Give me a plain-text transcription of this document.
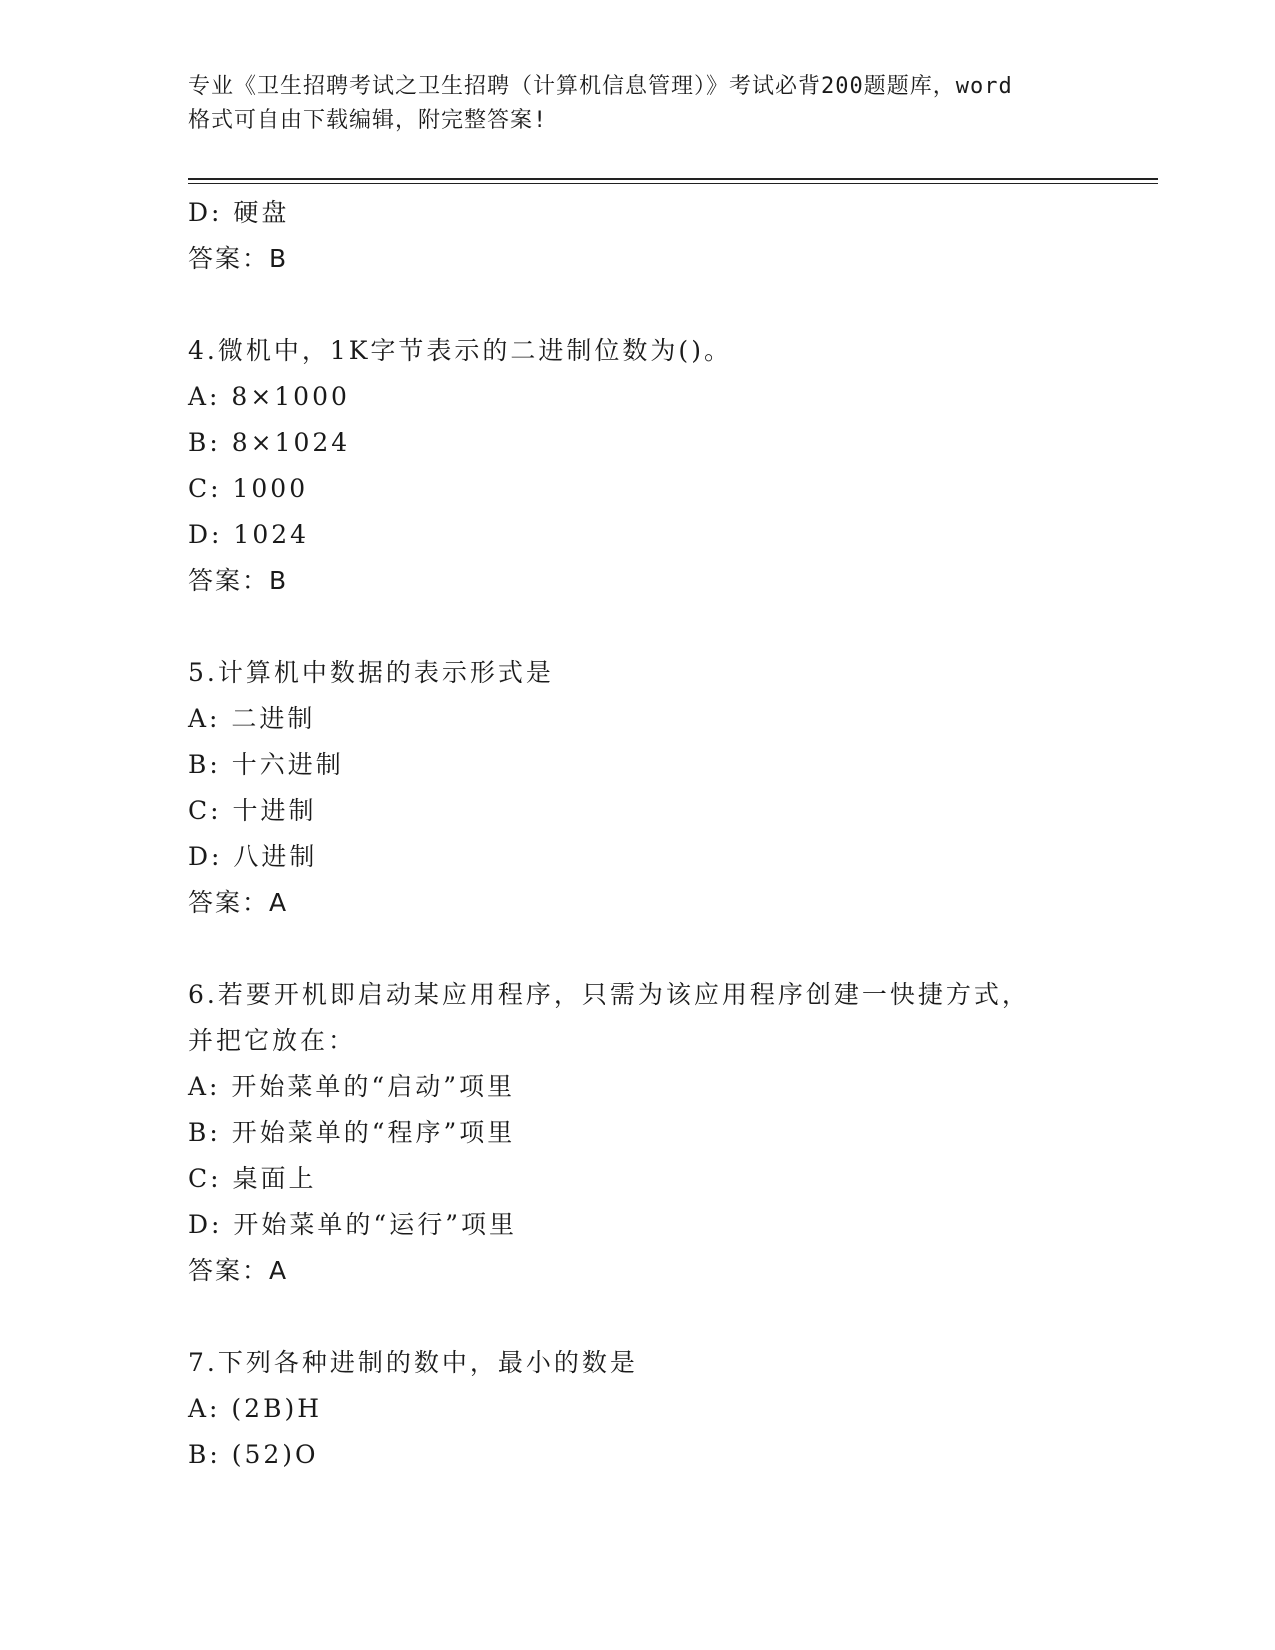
专业《卫生招聘考试之卫生招聘（计算机信息管理）》考试必背200题题库，word
格式可自由下载编辑，附完整答案!
D: 硬盘
答案：B
4.微机中，1K字节表示的二进制位数为()。
A: 8×1000
B: 8×1024
C: 1000
D: 1024
答案：B
5.计算机中数据的表示形式是
A: 二进制
B: 十六进制
C: 十进制
D: 八进制
答案：A
6.若要开机即启动某应用程序，只需为该应用程序创建一快捷方式，
并把它放在：
A: 开始菜单的“启动”项里
B: 开始菜单的“程序”项里
C: 桌面上
D: 开始菜单的“运行”项里
答案：A
7.下列各种进制的数中，最小的数是
A: (2B)H
B: (52)O
